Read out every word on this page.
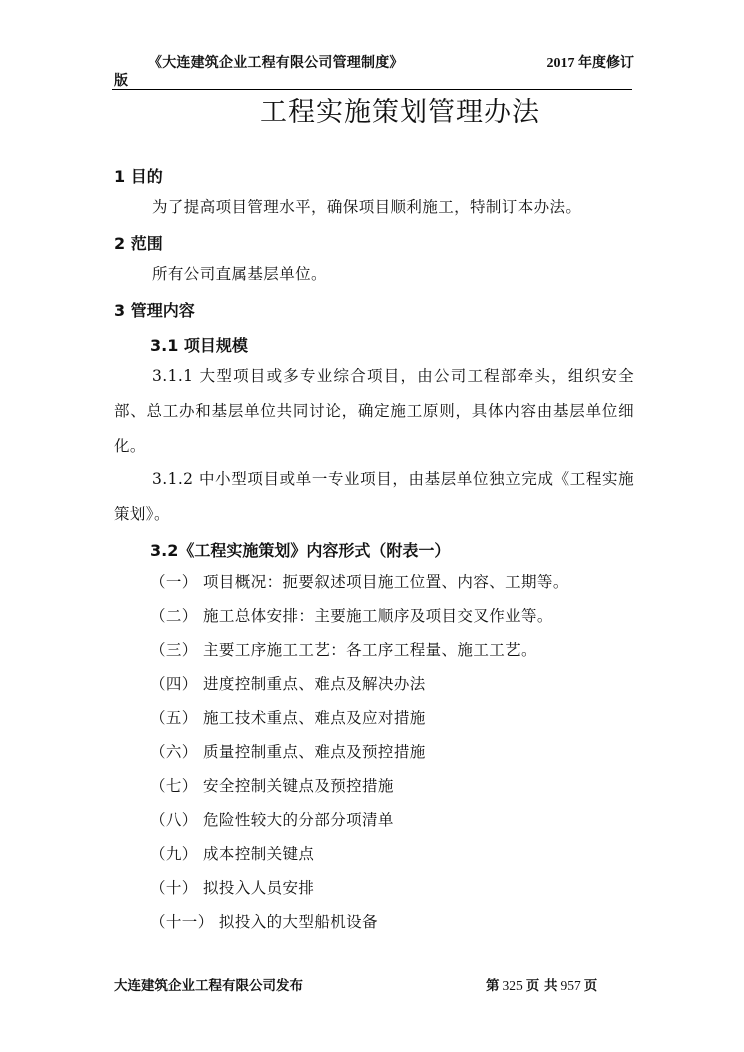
《大连建筑企业工程有限公司管理制度》	2017 年度修订
版
工程实施策划管理办法
1 目的
为了提高项目管理水平，确保项目顺利施工，特制订本办法。
2 范围
所有公司直属基层单位。
3 管理内容
3.1 项目规模
3.1.1 大型项目或多专业综合项目，由公司工程部牵头，组织安全部、总工办和基层单位共同讨论，确定施工原则，具体内容由基层单位细化。
3.1.2 中小型项目或单一专业项目，由基层单位独立完成《工程实施策划》。
3.2《工程实施策划》内容形式（附表一）
（一） 项目概况：扼要叙述项目施工位置、内容、工期等。
（二） 施工总体安排：主要施工顺序及项目交叉作业等。
（三） 主要工序施工工艺：各工序工程量、施工工艺。
（四） 进度控制重点、难点及解决办法
（五） 施工技术重点、难点及应对措施
（六） 质量控制重点、难点及预控措施
（七） 安全控制关键点及预控措施
（八） 危险性较大的分部分项清单
（九） 成本控制关键点
（十） 拟投入人员安排
（十一） 拟投入的大型船机设备
大连建筑企业工程有限公司发布	第 325 页 共 957 页
